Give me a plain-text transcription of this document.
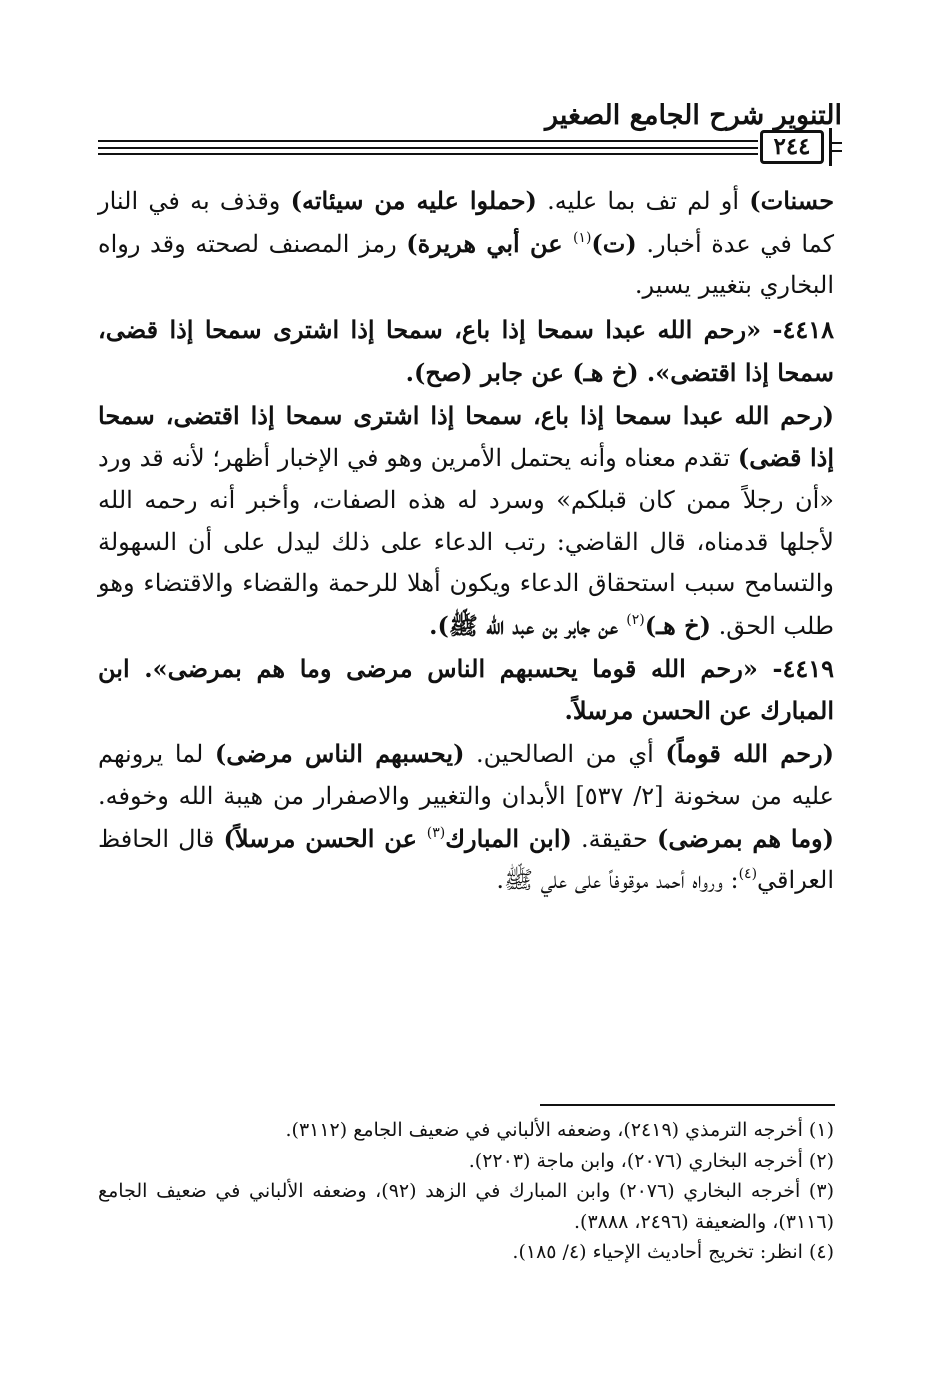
التنوير شرح الجامع الصغير
٢٤٤

حسنات) أو لم تف بما عليه. (حملوا عليه من سيئاته) وقذف به في النار كما في عدة أخبار. (ت)$^{(١)}$ عن أبي هريرة) رمز المصنف لصحته وقد رواه البخاري بتغيير يسير.

٤٤١٨- «رحم الله عبدا سمحا إذا باع، سمحا إذا اشترى سمحا إذا قضى، سمحا إذا اقتضى». (خ هـ) عن جابر (صح).

(رحم الله عبدا سمحا إذا باع، سمحا إذا اشترى سمحا إذا اقتضى، سمحا إذا قضى) تقدم معناه وأنه يحتمل الأمرين وهو في الإخبار أظهر؛ لأنه قد ورد «أن رجلاً ممن كان قبلكم» وسرد له هذه الصفات، وأخبر أنه رحمه الله لأجلها قدمناه، قال القاضي: رتب الدعاء على ذلك ليدل على أن السهولة والتسامح سبب استحقاق الدعاء ويكون أهلا للرحمة والقضاء والاقتضاء وهو طلب الحق. (خ هـ)$^{(٢)}$ عن جابر بن عبد الله ﷺ).

٤٤١٩- «رحم الله قوما يحسبهم الناس مرضى وما هم بمرضى». ابن المبارك عن الحسن مرسلاً.

(رحم الله قوماً) أي من الصالحين. (يحسبهم الناس مرضى) لما يرونهم عليه من سخونة [٢/ ٥٣٧] الأبدان والتغيير والاصفرار من هيبة الله وخوفه. (وما هم بمرضى) حقيقة. (ابن المبارك$^{(٣)}$ عن الحسن مرسلاً) قال الحافظ العراقي$^{(٤)}$: ورواه أحمد موقوفاً على علي ﷺ.

(١) أخرجه الترمذي (٢٤١٩)، وضعفه الألباني في ضعيف الجامع (٣١١٢).

(٢) أخرجه البخاري (٢٠٧٦)، وابن ماجة (٢٢٠٣).

(٣) أخرجه البخاري (٢٠٧٦) وابن المبارك في الزهد (٩٢)، وضعفه الألباني في ضعيف الجامع (٣١١٦)، والضعيفة (٢٤٩٦، ٣٨٨٨).

(٤) انظر: تخريج أحاديث الإحياء (٤/ ١٨٥).
